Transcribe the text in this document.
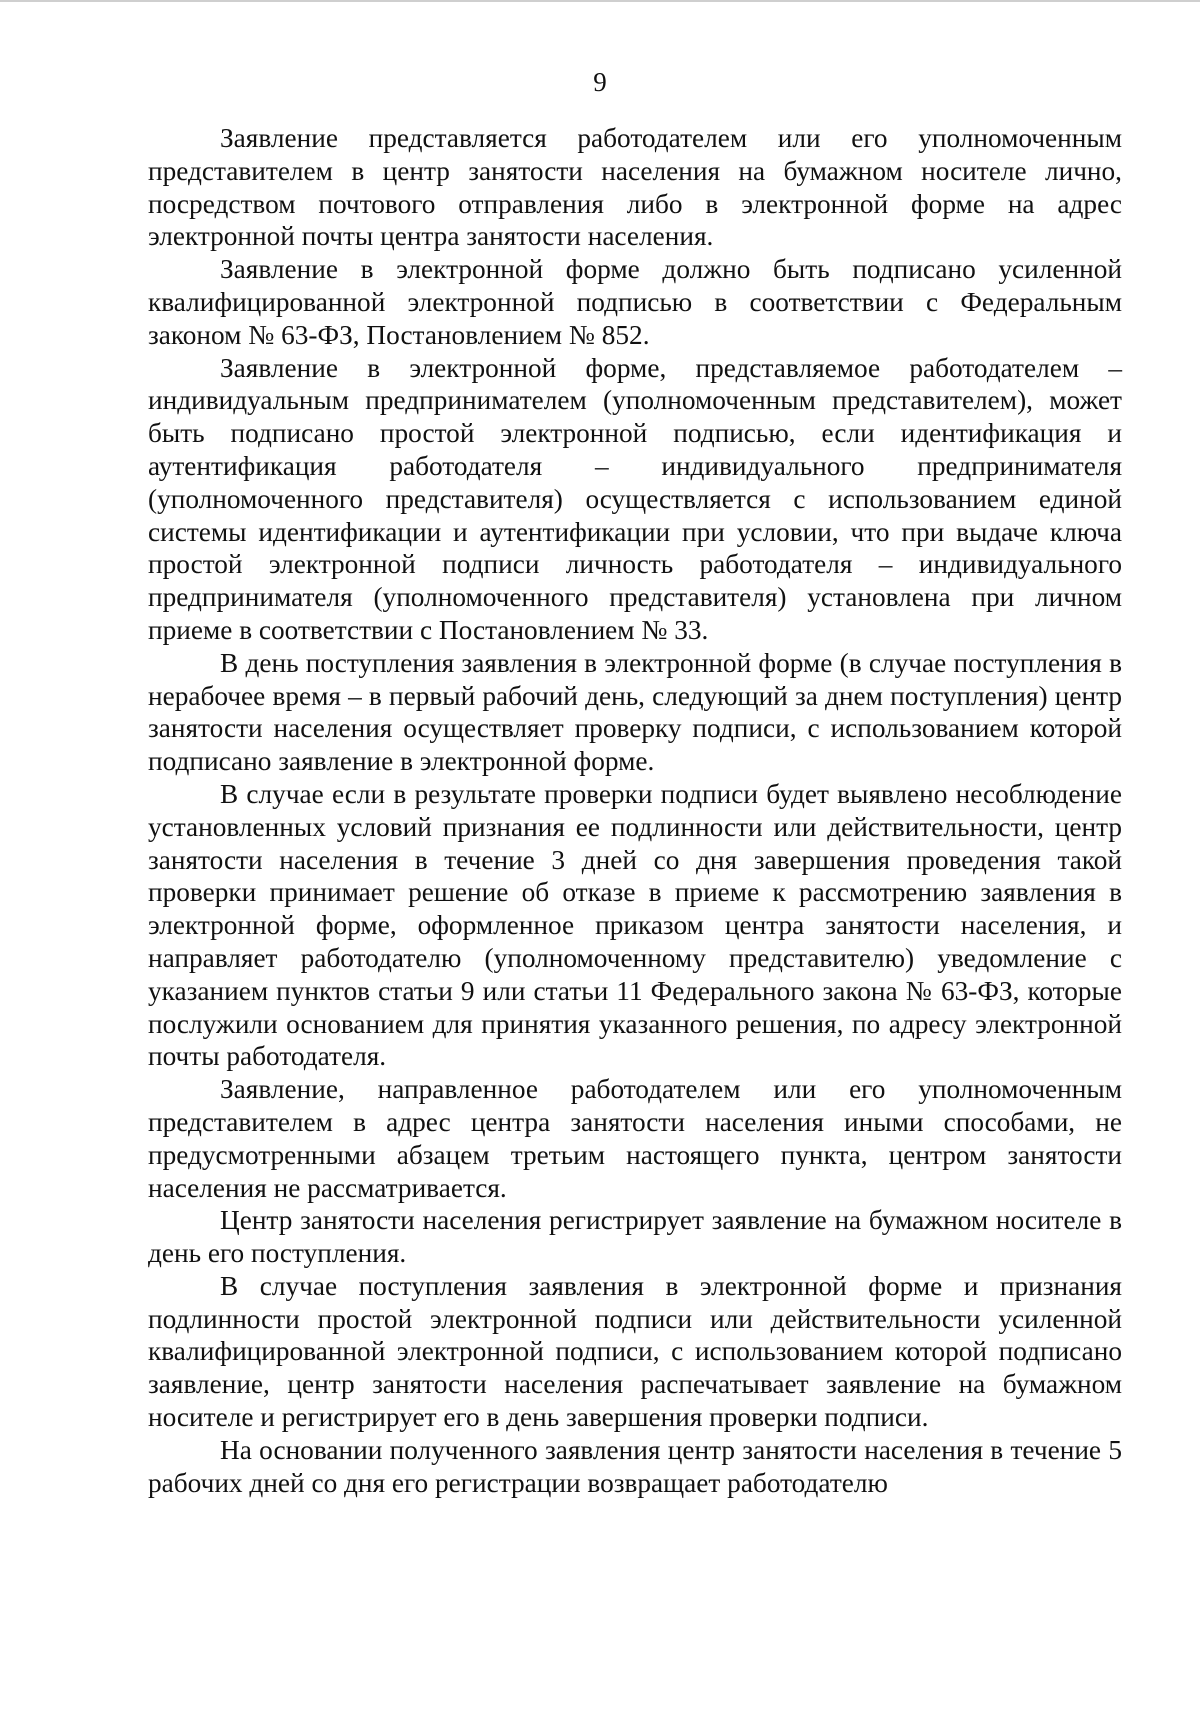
9

Заявление представляется работодателем или его уполномоченным представителем в центр занятости населения на бумажном носителе лично, посредством почтового отправления либо в электронной форме на адрес электронной почты центра занятости населения.

Заявление в электронной форме должно быть подписано усиленной квалифицированной электронной подписью в соответствии с Федеральным законом № 63-ФЗ, Постановлением № 852.

Заявление в электронной форме, представляемое работодателем – индивидуальным предпринимателем (уполномоченным представителем), может быть подписано простой электронной подписью, если идентификация и аутентификация работодателя – индивидуального предпринимателя (уполномоченного представителя) осуществляется с использованием единой системы идентификации и аутентификации при условии, что при выдаче ключа простой электронной подписи личность работодателя – индивидуального предпринимателя (уполномоченного представителя) установлена при личном приеме в соответствии с Постановлением № 33.

В день поступления заявления в электронной форме (в случае поступления в нерабочее время – в первый рабочий день, следующий за днем поступления) центр занятости населения осуществляет проверку подписи, с использованием которой подписано заявление в электронной форме.

В случае если в результате проверки подписи будет выявлено несоблюдение установленных условий признания ее подлинности или действительности, центр занятости населения в течение 3 дней со дня завершения проведения такой проверки принимает решение об отказе в приеме к рассмотрению заявления в электронной форме, оформленное приказом центра занятости населения, и направляет работодателю (уполномоченному представителю) уведомление с указанием пунктов статьи 9 или статьи 11 Федерального закона № 63-ФЗ, которые послужили основанием для принятия указанного решения, по адресу электронной почты работодателя.

Заявление, направленное работодателем или его уполномоченным представителем в адрес центра занятости населения иными способами, не предусмотренными абзацем третьим настоящего пункта, центром занятости населения не рассматривается.

Центр занятости населения регистрирует заявление на бумажном носителе в день его поступления.

В случае поступления заявления в электронной форме и признания подлинности простой электронной подписи или действительности усиленной квалифицированной электронной подписи, с использованием которой подписано заявление, центр занятости населения распечатывает заявление на бумажном носителе и регистрирует его в день завершения проверки подписи.

На основании полученного заявления центр занятости населения в течение 5 рабочих дней со дня его регистрации возвращает работодателю
